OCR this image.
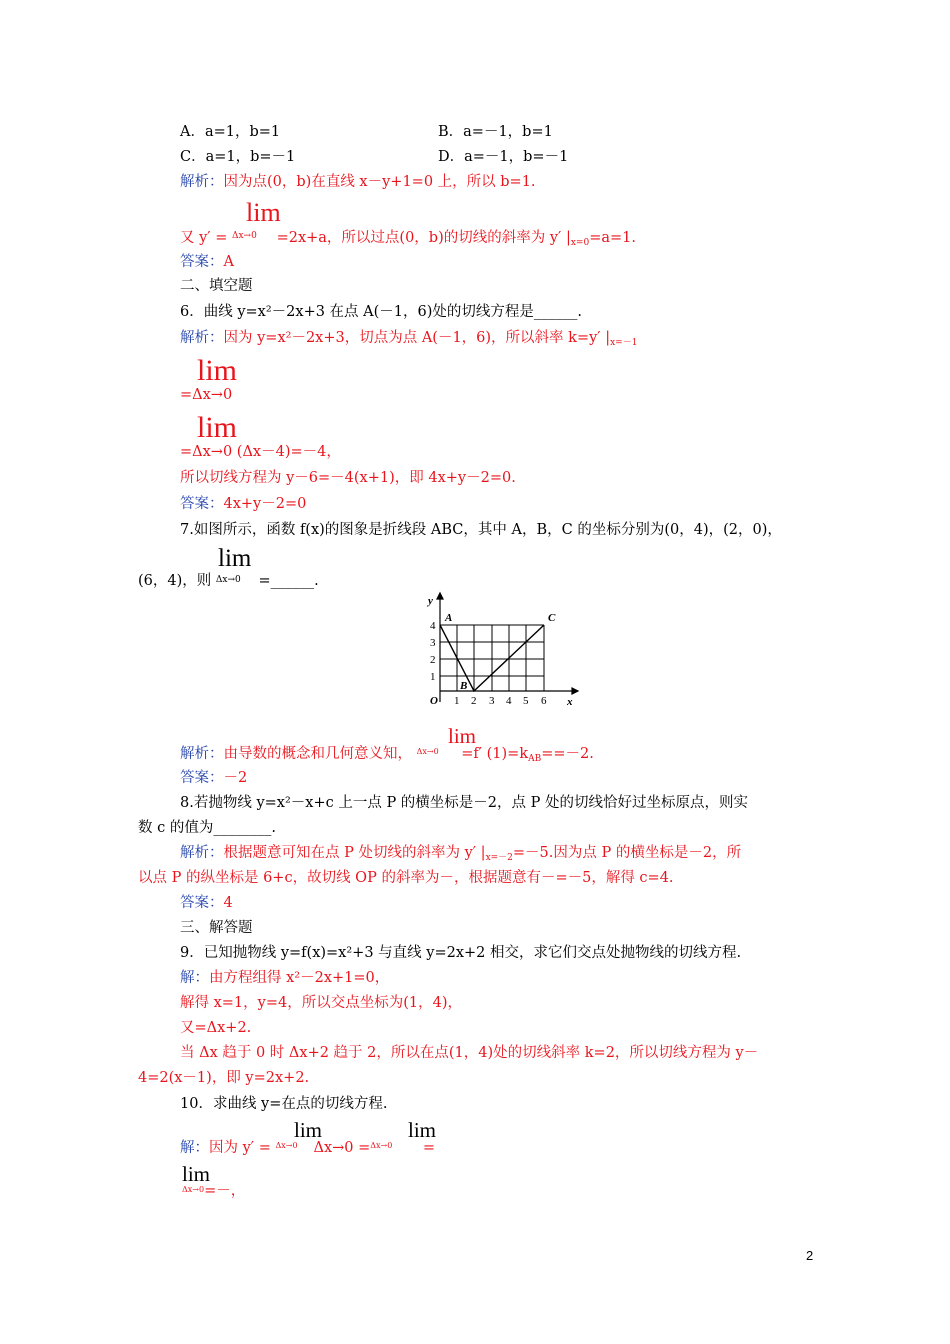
A．a=1，b=1	B．a=－1，b=1
C．a=1，b=－1	D．a=－1，b=－1
解析：因为点(0，b)在直线 x－y+1=0 上，所以 b=1.
lim
又 y′ = Δx→0 =2x+a，所以过点(0，b)的切线的斜率为 y′ $|_{x=0}=a=1$.
答案：A
二、填空题
6．曲线 y=x²－2x+3 在点 A(－1，6)处的切线方程是______.
解析：因为 y=x²－2x+3，切点为点 A(－1，6)，所以斜率 k=y′ $|_{x=-1}$
lim
=Δx→0
lim
=Δx→0 (Δx－4)=－4，
所以切线方程为 y－6=－4(x+1)，即 4x+y－2=0.
答案：4x+y－2=0
7.如图所示，函数 f(x)的图象是折线段 ABC，其中 A，B，C 的坐标分别为(0，4)，(2，0)，
lim
(6，4)，则 Δx→0 =______.
y
x
O
4
3
2
1
1 2 3 4 5 6
A
B
C
lim
解析：由导数的概念和几何意义知， Δx→0 =f′ $(1)=k_{AB}==-2$.
答案：－2
8.若抛物线 y=x²－x+c 上一点 P 的横坐标是－2，点 P 处的切线恰好过坐标原点，则实
数 c 的值为________.
解析：根据题意可知在点 P 处切线的斜率为 y′ $|_{x=-2}=-5$.因为点 P 的横坐标是－2，所
以点 P 的纵坐标是 6+c，故切线 OP 的斜率为－，根据题意有－=－5，解得 c=4.
答案：4
三、解答题
9．已知抛物线 y=f(x)=x²+3 与直线 y=2x+2 相交，求它们交点处抛物线的切线方程.
解：由方程组得 x²－2x+1=0，
解得 x=1，y=4，所以交点坐标为(1，4)，
又=Δx+2.
当 Δx 趋于 0 时 Δx+2 趋于 2，所以在点(1，4)处的切线斜率 k=2，所以切线方程为 y－
4=2(x－1)，即 y=2x+2.
10．求曲线 y=在点的切线方程.
lim	lim
解：因为 y′ = Δx→0 Δx→0 =Δx→0 =
lim
$^{\Delta x\to 0}$=－，
2
